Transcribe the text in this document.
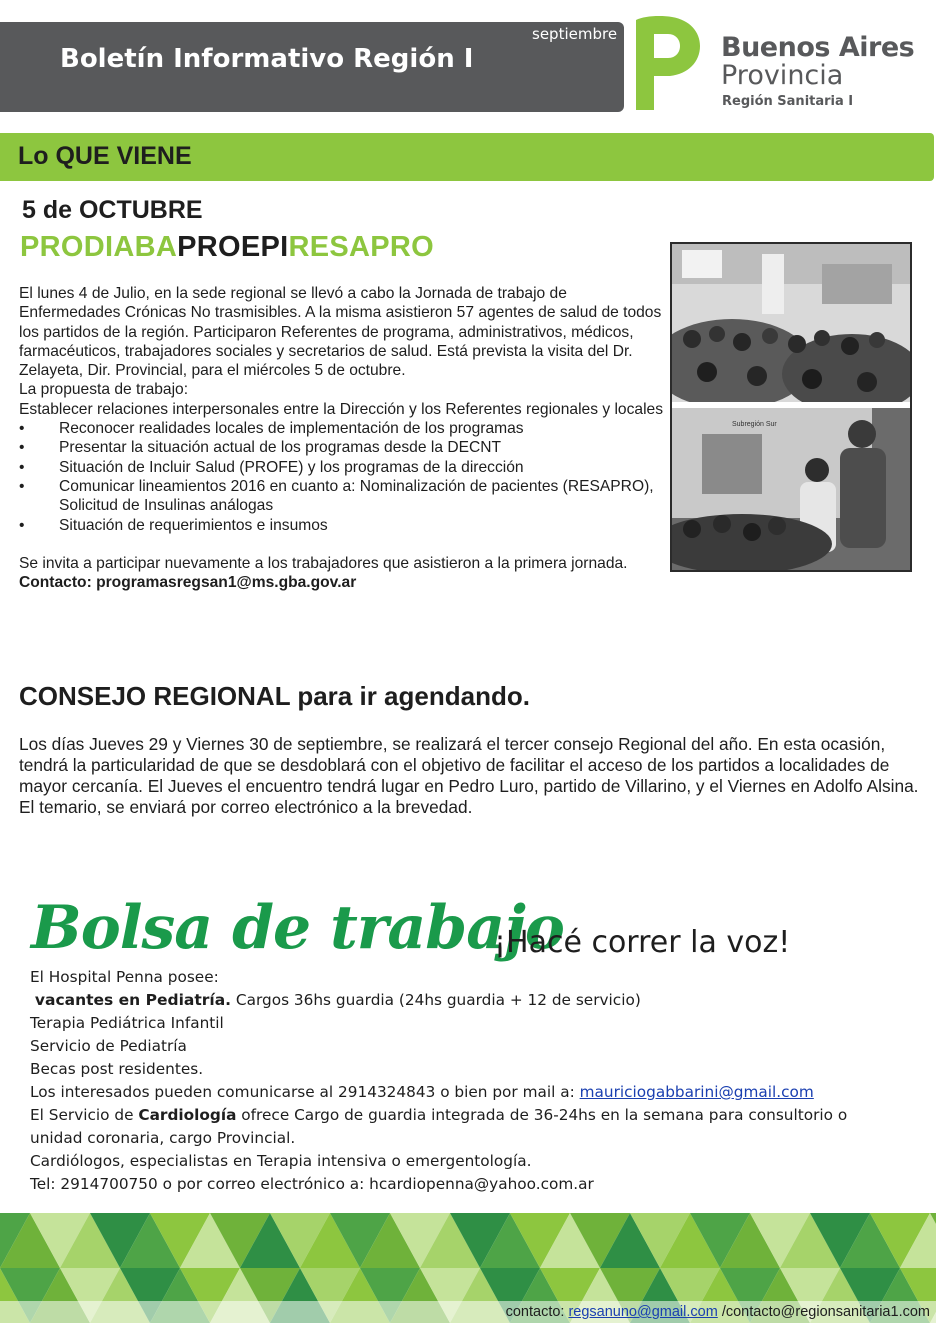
Boletín Informativo Región I
septiembre	Buenos Aires
Provincia
Región Sanitaria I
Lo QUE VIENE
5 de OCTUBRE
PRODIABAPROEPIRESAPRO

El lunes 4 de Julio, en la sede regional se llevó a cabo la Jornada de trabajo de Enfermedades Crónicas No trasmisibles. A la misma asistieron 57 agentes de salud de todos los partidos de la región. Participaron Referentes de programa, administrativos, médicos, farmacéuticos, trabajadores sociales y secretarios de salud. Está prevista la visita del Dr. Zelayeta, Dir. Provincial, para el miércoles 5 de octubre.

La propuesta de trabajo:

Establecer relaciones interpersonales entre la Dirección y los Referentes regionales y locales

•	Reconocer realidades locales de implementación de los programas
•	Presentar la situación actual de los programas desde la DECNT
•	Situación de Incluir Salud (PROFE) y los programas de la dirección
•	Comunicar lineamientos 2016 en cuanto a: Nominalización de pacientes (RESAPRO), Solicitud de Insulinas análogas
•	Situación de requerimientos e insumos

Se invita a participar nuevamente a los trabajadores que asistieron a la primera jornada. Contacto: programasregsan1@ms.gba.gov.ar

Subregión Sur
CONSEJO REGIONAL para ir agendando.

Los días Jueves 29 y Viernes 30 de septiembre, se realizará el tercer consejo Regional del año. En esta ocasión, tendrá la particularidad de que se desdoblará con el objetivo de facilitar el acceso de los partidos a localidades de mayor cercanía. El Jueves el encuentro tendrá lugar en Pedro Luro, partido de Villarino, y el Viernes en Adolfo Alsina. El temario, se enviará por correo electrónico a la brevedad.

Bolsa de trabajo
¡Hacé correr la voz!

El Hospital Penna posee:

vacantes en Pediatría. Cargos 36hs guardia (24hs guardia + 12 de servicio)

Terapia Pediátrica Infantil

Servicio de Pediatría

Becas post residentes.

Los interesados pueden comunicarse al 2914324843 o bien por mail a: mauriciogabbarini@gmail.com

El Servicio de Cardiología ofrece Cargo de guardia integrada de 36-24hs en la semana para consultorio o

unidad coronaria, cargo Provincial.

Cardiólogos, especialistas en Terapia intensiva o emergentología.

Tel: 2914700750 o por correo electrónico a: hcardiopenna@yahoo.com.ar

contacto: regsanuno@gmail.com /contacto@regionsanitaria1.com
